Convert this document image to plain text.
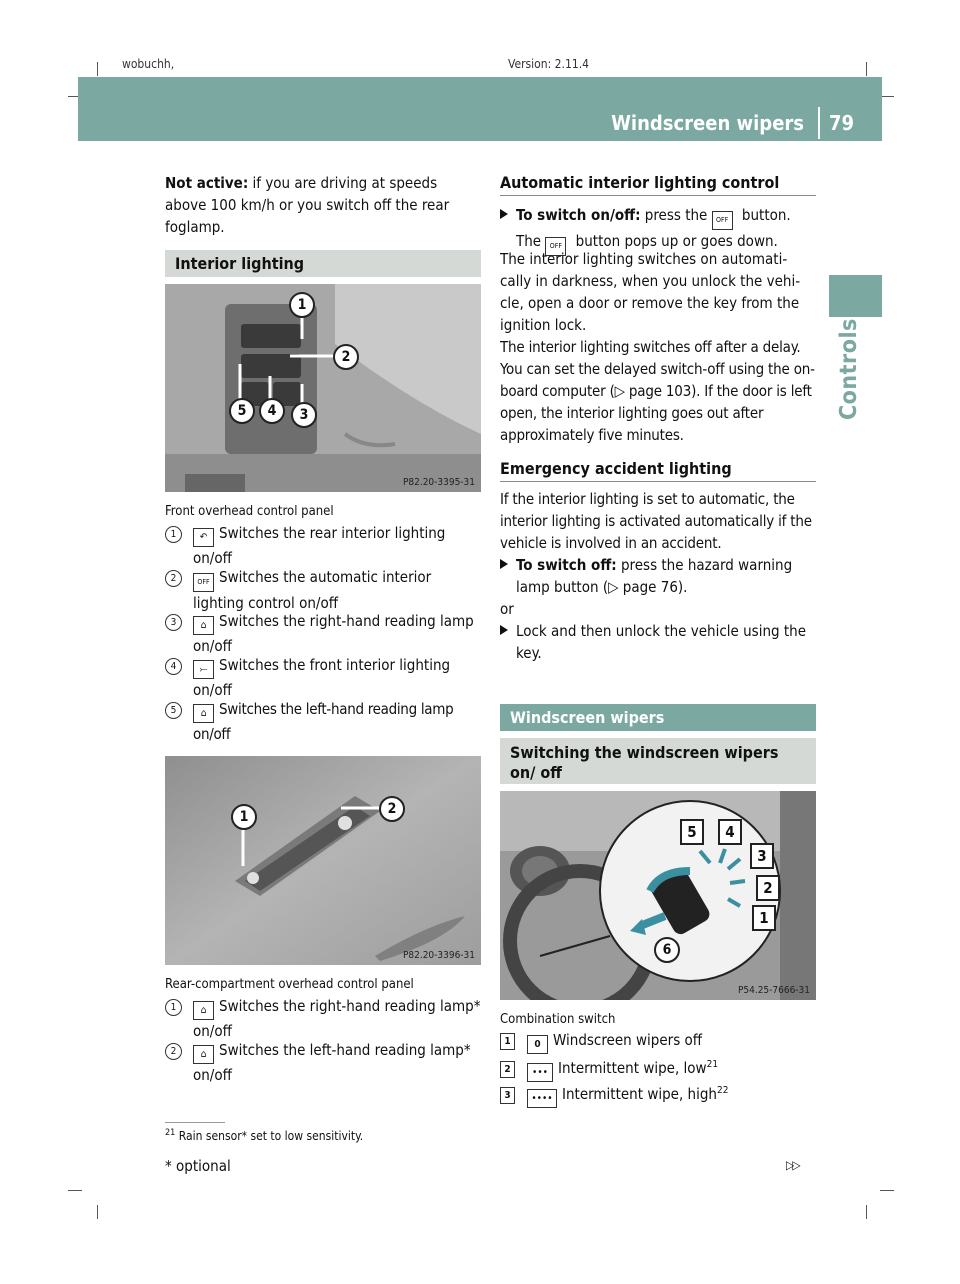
wobuchh,	Version: 2.11.4
Windscreen wipers 79
Controls
Not active: if you are driving at speeds above 100 km/h or you switch off the rear foglamp.
Interior lighting
1
2
3
4
5
P82.20-3395-31
Front overhead control panel
1	↶ Switches the rear interior lighting on/off
2	OFF Switches the automatic interior lighting control on/off
3	⌂ Switches the right-hand reading lamp on/off
4	⤚ Switches the front interior lighting on/off
5	⌂ Switches the left-hand reading lamp on/off
1	2
P82.20-3396-31
Rear-compartment overhead control panel
1	⌂ Switches the right-hand reading lamp* on/off
2	⌂ Switches the left-hand reading lamp* on/off
$^{21}$ Rain sensor* set to low sensitivity.
* optional	▷▷
Automatic interior lighting control
To switch on/off: press the OFF button.
The OFF button pops up or goes down.
The interior lighting switches on automati-cally in darkness, when you unlock the vehi-cle, open a door or remove the key from the ignition lock.
The interior lighting switches off after a delay. You can set the delayed switch-off using the on-board computer (▷ page 103). If the door is left open, the interior lighting goes out after approximately five minutes.
Emergency accident lighting
If the interior lighting is set to automatic, the interior lighting is activated automatically if the vehicle is involved in an accident.
To switch off: press the hazard warning lamp button (▷ page 76).
or
Lock and then unlock the vehicle using the key.
Windscreen wipers
Switching the windscreen wipers on/ off
5	4
3
2
1
6
P54.25-7666-31
Combination switch
1 0 Windscreen wipers off
2 ••• Intermittent wipe, low$^{21}$
3 •••• Intermittent wipe, high$^{22}$
